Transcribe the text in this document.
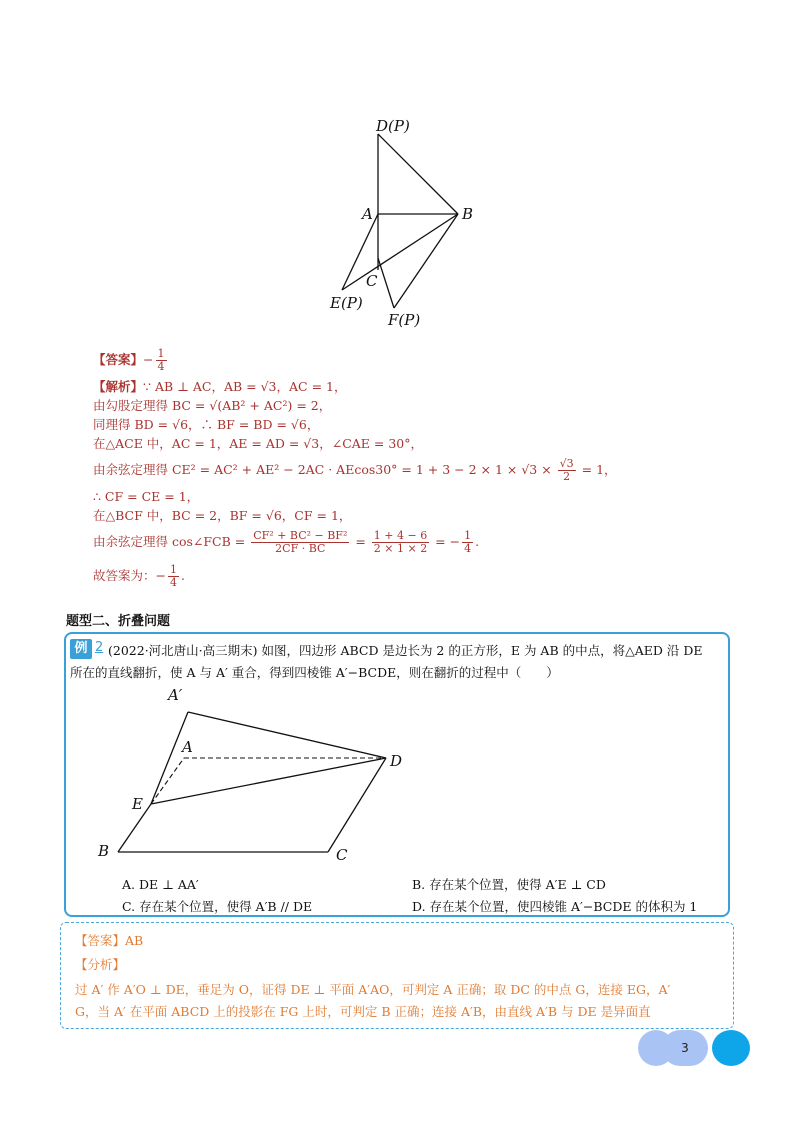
D(P)
A	B
C
E(P)
F(P)
【答案】− $\frac{1}{4}$
【解析】∵ AB ⊥ AC，AB = √3，AC = 1，
由勾股定理得 BC = √(AB² + AC²) = 2，
同理得 BD = √6，∴ BF = BD = √6，
在△ACE 中，AC = 1，AE = AD = √3，∠CAE = 30°，
由余弦定理得 $CE^2 = AC^2 + AE^2 - 2AC \cdot AEcos30^\circ = 1 + 3 - 2 \times 1 \times √3 \times \frac{√3}{2} = 1$，
∴ CF = CE = 1，
在△BCF 中，BC = 2，BF = √6，CF = 1，
由余弦定理得 cos∠FCB = $\frac{\text{CF² + BC² − BF²}}{2CF \cdot BC} = \frac{1 + 4 - 6}{2 \times 1 \times 2}$ = − $\frac{1}{4}$ .
故答案为：− $\frac{1}{4}$ .
题型二、折叠问题
例 2 (2022·河北唐山·高三期末) 如图，四边形 ABCD 是边长为 2 的正方形，E 为 AB 的中点，将△AED 沿 DE
所在的直线翻折，使 A 与 A′ 重合，得到四棱锥 A′−BCDE，则在翻折的过程中（　　）
A′
A
D
E
B	C
A. DE ⊥ AA′	B. 存在某个位置，使得 A′E ⊥ CD
C. 存在某个位置，使得 A′B // DE	D. 存在某个位置，使四棱锥 A′−BCDE 的体积为 1
【答案】AB
【分析】
过 A′ 作 A′O ⊥ DE，垂足为 O，证得 DE ⊥ 平面 A′AO，可判定 A 正确；取 DC 的中点 G，连接 EG，A′
G，当 A′ 在平面 ABCD 上的投影在 FG 上时，可判定 B 正确；连接 A′B，由直线 A′B 与 DE 是异面直
3
